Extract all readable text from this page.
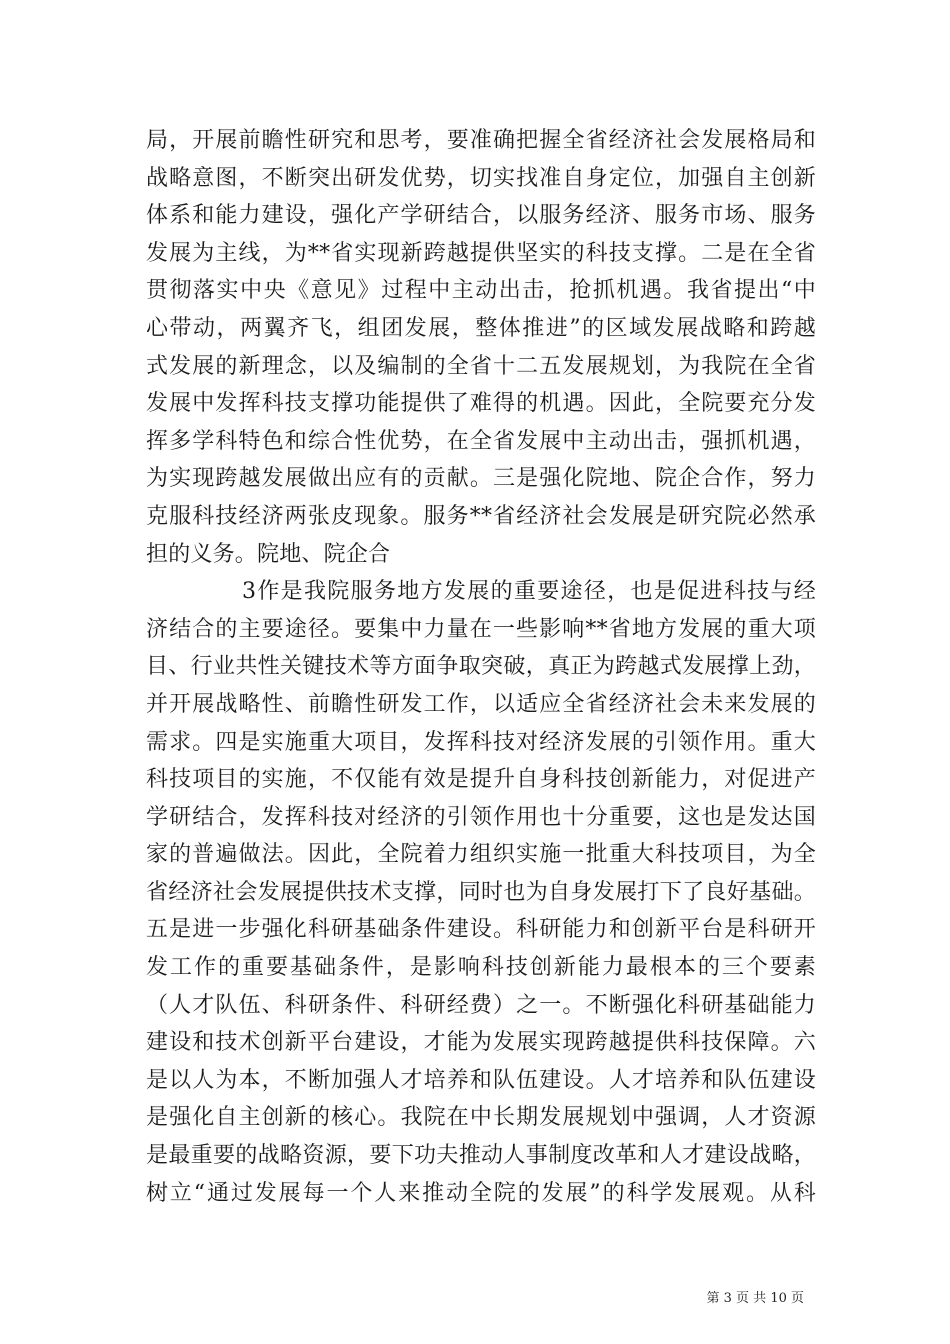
局，开展前瞻性研究和思考，要准确把握全省经济社会发展格局和
战略意图，不断突出研发优势，切实找准自身定位，加强自主创新
体系和能力建设，强化产学研结合，以服务经济、服务市场、服务
发展为主线，为**省实现新跨越提供坚实的科技支撑。二是在全省
贯彻落实中央《意见》过程中主动出击，抢抓机遇。我省提出“中
心带动，两翼齐飞，组团发展，整体推进”的区域发展战略和跨越
式发展的新理念，以及编制的全省十二五发展规划，为我院在全省
发展中发挥科技支撑功能提供了难得的机遇。因此，全院要充分发
挥多学科特色和综合性优势，在全省发展中主动出击，强抓机遇，
为实现跨越发展做出应有的贡献。三是强化院地、院企合作，努力
克服科技经济两张皮现象。服务**省经济社会发展是研究院必然承
担的义务。院地、院企合
3作是我院服务地方发展的重要途径，也是促进科技与经
济结合的主要途径。要集中力量在一些影响**省地方发展的重大项
目、行业共性关键技术等方面争取突破，真正为跨越式发展撑上劲，
并开展战略性、前瞻性研发工作，以适应全省经济社会未来发展的
需求。四是实施重大项目，发挥科技对经济发展的引领作用。重大
科技项目的实施，不仅能有效是提升自身科技创新能力，对促进产
学研结合，发挥科技对经济的引领作用也十分重要，这也是发达国
家的普遍做法。因此，全院着力组织实施一批重大科技项目，为全
省经济社会发展提供技术支撑，同时也为自身发展打下了良好基础。
五是进一步强化科研基础条件建设。科研能力和创新平台是科研开
发工作的重要基础条件，是影响科技创新能力最根本的三个要素
（人才队伍、科研条件、科研经费）之一。不断强化科研基础能力
建设和技术创新平台建设，才能为发展实现跨越提供科技保障。六
是以人为本，不断加强人才培养和队伍建设。人才培养和队伍建设
是强化自主创新的核心。我院在中长期发展规划中强调，人才资源
是最重要的战略资源，要下功夫推动人事制度改革和人才建设战略，
树立“通过发展每一个人来推动全院的发展”的科学发展观。从科
第 3 页 共 10 页
